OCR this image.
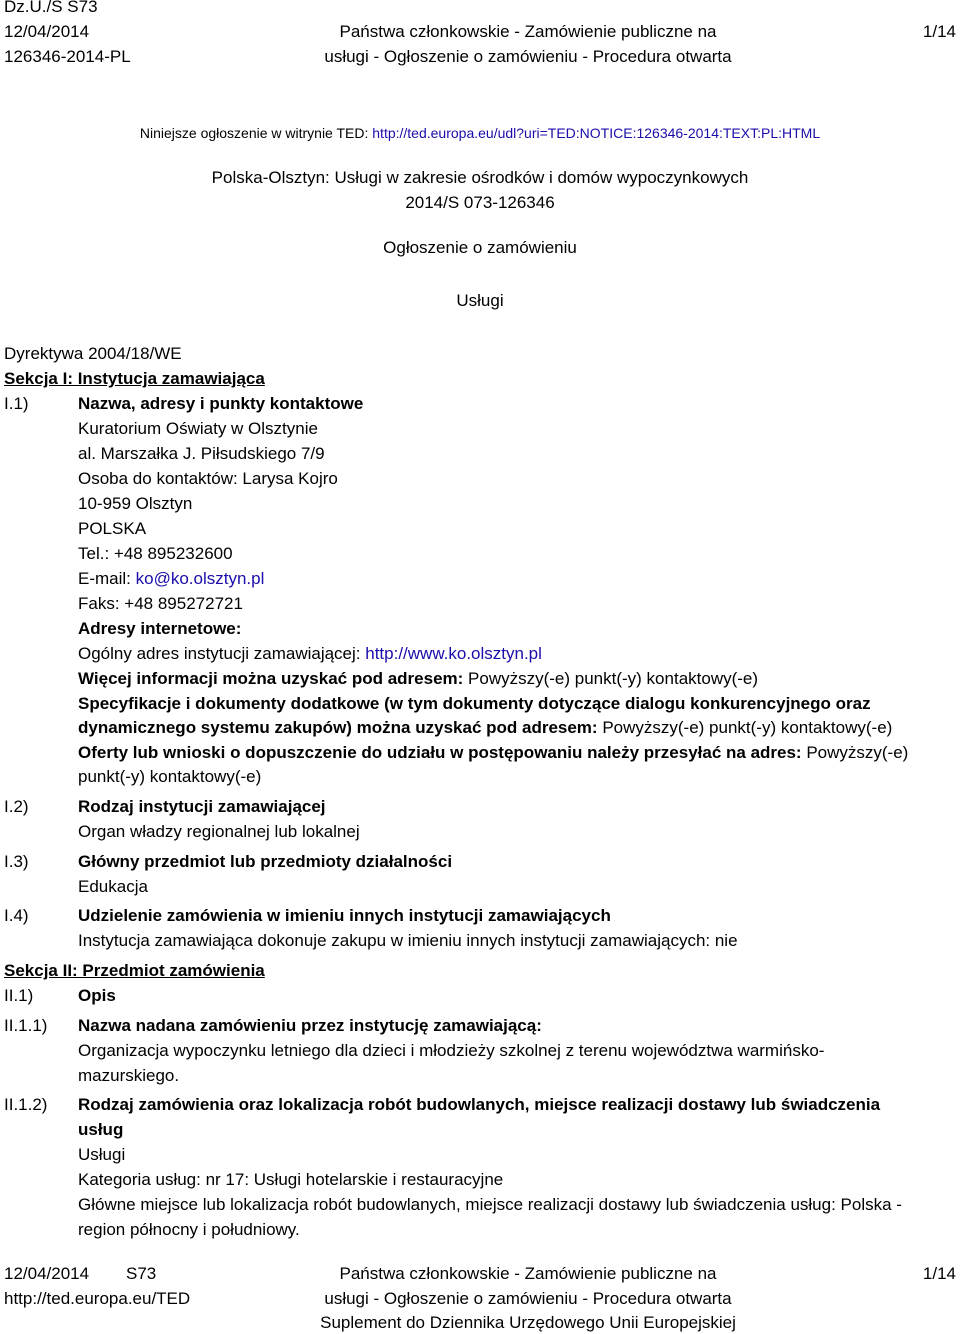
Dz.U./S S73
12/04/2014
126346-2014-PL
Państwa członkowskie - Zamówienie publiczne na
usługi - Ogłoszenie o zamówieniu - Procedura otwarta
1/14
Niniejsze ogłoszenie w witrynie TED: http://ted.europa.eu/udl?uri=TED:NOTICE:126346-2014:TEXT:PL:HTML
Polska-Olsztyn: Usługi w zakresie ośrodków i domów wypoczynkowych
2014/S 073-126346
Ogłoszenie o zamówieniu
Usługi
Dyrektywa 2004/18/WE
Sekcja I: Instytucja zamawiająca
I.1)	Nazwa, adresy i punkty kontaktowe
Kuratorium Oświaty w Olsztynie
al. Marszałka J. Piłsudskiego 7/9
Osoba do kontaktów: Larysa Kojro
10-959 Olsztyn
POLSKA
Tel.: +48 895232600
E-mail: ko@ko.olsztyn.pl
Faks: +48 895272721
Adresy internetowe:
Ogólny adres instytucji zamawiającej: http://www.ko.olsztyn.pl
Więcej informacji można uzyskać pod adresem: Powyższy(-e) punkt(-y) kontaktowy(-e)
Specyfikacje i dokumenty dodatkowe (w tym dokumenty dotyczące dialogu konkurencyjnego oraz
dynamicznego systemu zakupów) można uzyskać pod adresem: Powyższy(-e) punkt(-y) kontaktowy(-e)
Oferty lub wnioski o dopuszczenie do udziału w postępowaniu należy przesyłać na adres: Powyższy(-e)
punkt(-y) kontaktowy(-e)
I.2)	Rodzaj instytucji zamawiającej
Organ władzy regionalnej lub lokalnej
I.3)	Główny przedmiot lub przedmioty działalności
Edukacja
I.4)	Udzielenie zamówienia w imieniu innych instytucji zamawiających
Instytucja zamawiająca dokonuje zakupu w imieniu innych instytucji zamawiających: nie
Sekcja II: Przedmiot zamówienia
II.1)	Opis
II.1.1) Nazwa nadana zamówieniu przez instytucję zamawiającą:
Organizacja wypoczynku letniego dla dzieci i młodzieży szkolnej z terenu województwa warmińsko-
mazurskiego.
II.1.2) Rodzaj zamówienia oraz lokalizacja robót budowlanych, miejsce realizacji dostawy lub świadczenia
usług
Usługi
Kategoria usług: nr 17: Usługi hotelarskie i restauracyjne
Główne miejsce lub lokalizacja robót budowlanych, miejsce realizacji dostawy lub świadczenia usług: Polska -
region północny i południowy.
12/04/2014 S73
http://ted.europa.eu/TED
Państwa członkowskie - Zamówienie publiczne na
usługi - Ogłoszenie o zamówieniu - Procedura otwarta
Suplement do Dziennika Urzędowego Unii Europejskiej
1/14
